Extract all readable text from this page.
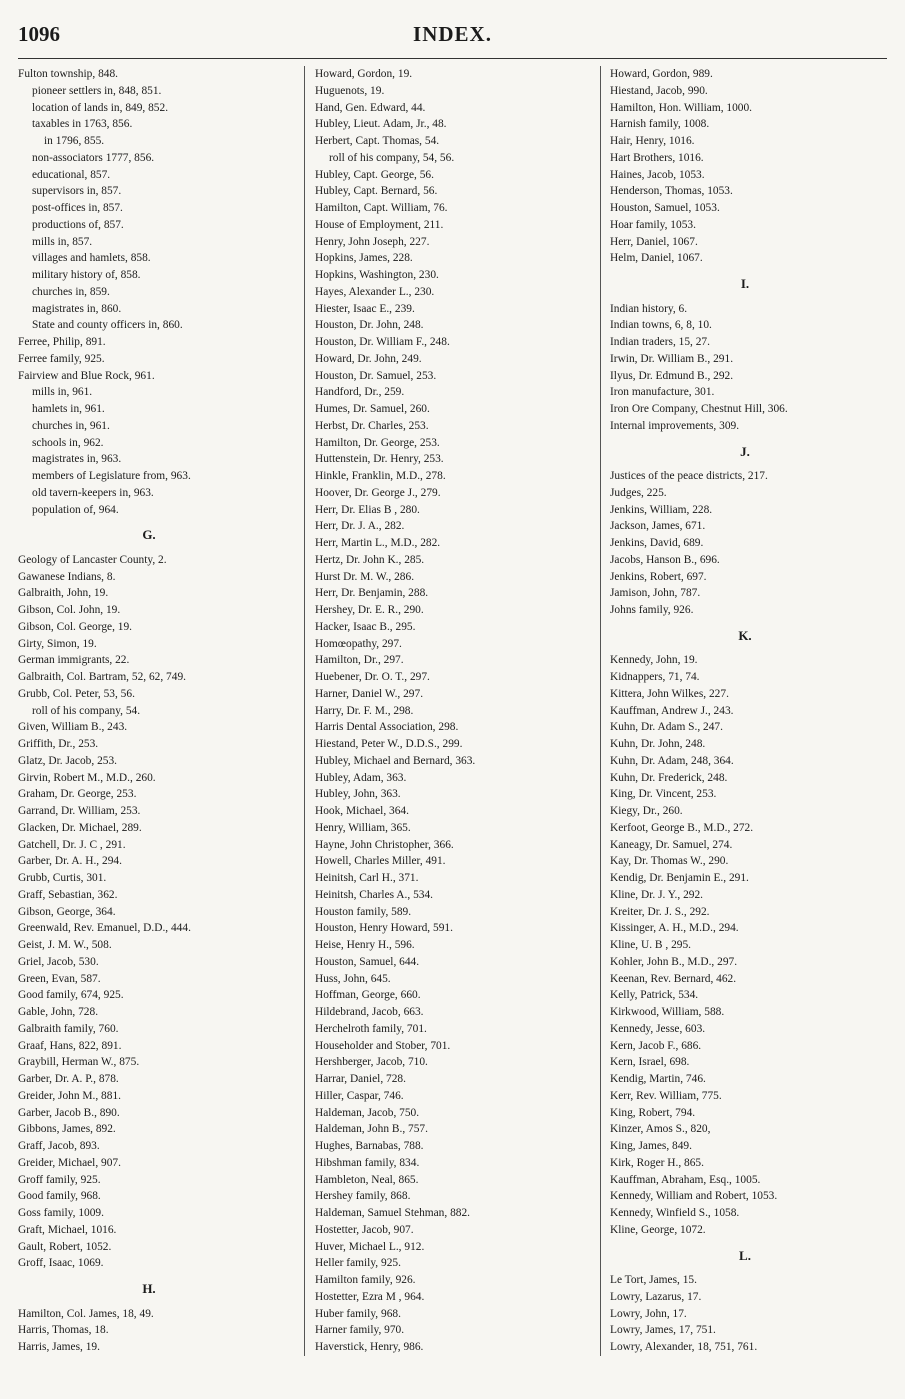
1096	INDEX.
Fulton township, 848.
pioneer settlers in, 848, 851.
location of lands in, 849, 852.
taxables in 1763, 856.
in 1796, 855.
non-associators 1777, 856.
educational, 857.
supervisors in, 857.
post-offices in, 857.
productions of, 857.
mills in, 857.
villages and hamlets, 858.
military history of, 858.
churches in, 859.
magistrates in, 860.
State and county officers in, 860.
Ferree, Philip, 891.
Ferree family, 925.
Fairview and Blue Rock, 961.
mills in, 961.
hamlets in, 961.
churches in, 961.
schools in, 962.
magistrates in, 963.
members of Legislature from, 963.
old tavern-keepers in, 963.
population of, 964.
G.
Geology of Lancaster County, 2.
Gawanese Indians, 8.
Galbraith, John, 19.
Gibson, Col. John, 19.
Gibson, Col. George, 19.
Girty, Simon, 19.
German immigrants, 22.
Galbraith, Col. Bartram, 52, 62, 749.
Grubb, Col. Peter, 53, 56.
roll of his company, 54.
Given, William B., 243.
Griffith, Dr., 253.
Glatz, Dr. Jacob, 253.
Girvin, Robert M., M.D., 260.
Graham, Dr. George, 253.
Garrand, Dr. William, 253.
Glacken, Dr. Michael, 289.
Gatchell, Dr. J. C , 291.
Garber, Dr. A. H., 294.
Grubb, Curtis, 301.
Graff, Sebastian, 362.
Gibson, George, 364.
Greenwald, Rev. Emanuel, D.D., 444.
Geist, J. M. W., 508.
Griel, Jacob, 530.
Green, Evan, 587.
Good family, 674, 925.
Gable, John, 728.
Galbraith family, 760.
Graaf, Hans, 822, 891.
Graybill, Herman W., 875.
Garber, Dr. A. P., 878.
Greider, John M., 881.
Garber, Jacob B., 890.
Gibbons, James, 892.
Graff, Jacob, 893.
Greider, Michael, 907.
Groff family, 925.
Good family, 968.
Goss family, 1009.
Graft, Michael, 1016.
Gault, Robert, 1052.
Groff, Isaac, 1069.
H.
Hamilton, Col. James, 18, 49.
Harris, Thomas, 18.
Harris, James, 19.
Howard, Gordon, 19.
Huguenots, 19.
Hand, Gen. Edward, 44.
Hubley, Lieut. Adam, Jr., 48.
Herbert, Capt. Thomas, 54.
roll of his company, 54, 56.
Hubley, Capt. George, 56.
Hubley, Capt. Bernard, 56.
Hamilton, Capt. William, 76.
House of Employment, 211.
Henry, John Joseph, 227.
Hopkins, James, 228.
Hopkins, Washington, 230.
Hayes, Alexander L., 230.
Hiester, Isaac E., 239.
Houston, Dr. John, 248.
Houston, Dr. William F., 248.
Howard, Dr. John, 249.
Houston, Dr. Samuel, 253.
Handford, Dr., 259.
Humes, Dr. Samuel, 260.
Herbst, Dr. Charles, 253.
Hamilton, Dr. George, 253.
Huttenstein, Dr. Henry, 253.
Hinkle, Franklin, M.D., 278.
Hoover, Dr. George J., 279.
Herr, Dr. Elias B , 280.
Herr, Dr. J. A., 282.
Herr, Martin L., M.D., 282.
Hertz, Dr. John K., 285.
Hurst Dr. M. W., 286.
Herr, Dr. Benjamin, 288.
Hershey, Dr. E. R., 290.
Hacker, Isaac B., 295.
Homœopathy, 297.
Hamilton, Dr., 297.
Huebener, Dr. O. T., 297.
Harner, Daniel W., 297.
Harry, Dr. F. M., 298.
Harris Dental Association, 298.
Hiestand, Peter W., D.D.S., 299.
Hubley, Michael and Bernard, 363.
Hubley, Adam, 363.
Hubley, John, 363.
Hook, Michael, 364.
Henry, William, 365.
Hayne, John Christopher, 366.
Howell, Charles Miller, 491.
Heinitsh, Carl H., 371.
Heinitsh, Charles A., 534.
Houston family, 589.
Houston, Henry Howard, 591.
Heise, Henry H., 596.
Houston, Samuel, 644.
Huss, John, 645.
Hoffman, George, 660.
Hildebrand, Jacob, 663.
Herchelroth family, 701.
Householder and Stober, 701.
Hershberger, Jacob, 710.
Harrar, Daniel, 728.
Hiller, Caspar, 746.
Haldeman, Jacob, 750.
Haldeman, John B., 757.
Hughes, Barnabas, 788.
Hibshman family, 834.
Hambleton, Neal, 865.
Hershey family, 868.
Haldeman, Samuel Stehman, 882.
Hostetter, Jacob, 907.
Huver, Michael L., 912.
Heller family, 925.
Hamilton family, 926.
Hostetter, Ezra M , 964.
Huber family, 968.
Harner family, 970.
Haverstick, Henry, 986.
Howard, Gordon, 989.
Hiestand, Jacob, 990.
Hamilton, Hon. William, 1000.
Harnish family, 1008.
Hair, Henry, 1016.
Hart Brothers, 1016.
Haines, Jacob, 1053.
Henderson, Thomas, 1053.
Houston, Samuel, 1053.
Hoar family, 1053.
Herr, Daniel, 1067.
Helm, Daniel, 1067.
I.
Indian history, 6.
Indian towns, 6, 8, 10.
Indian traders, 15, 27.
Irwin, Dr. William B., 291.
Ilyus, Dr. Edmund B., 292.
Iron manufacture, 301.
Iron Ore Company, Chestnut Hill, 306.
Internal improvements, 309.
J.
Justices of the peace districts, 217.
Judges, 225.
Jenkins, William, 228.
Jackson, James, 671.
Jenkins, David, 689.
Jacobs, Hanson B., 696.
Jenkins, Robert, 697.
Jamison, John, 787.
Johns family, 926.
K.
Kennedy, John, 19.
Kidnappers, 71, 74.
Kittera, John Wilkes, 227.
Kauffman, Andrew J., 243.
Kuhn, Dr. Adam S., 247.
Kuhn, Dr. John, 248.
Kuhn, Dr. Adam, 248, 364.
Kuhn, Dr. Frederick, 248.
King, Dr. Vincent, 253.
Kiegy, Dr., 260.
Kerfoot, George B., M.D., 272.
Kaneagy, Dr. Samuel, 274.
Kay, Dr. Thomas W., 290.
Kendig, Dr. Benjamin E., 291.
Kline, Dr. J. Y., 292.
Kreiter, Dr. J. S., 292.
Kissinger, A. H., M.D., 294.
Kline, U. B , 295.
Kohler, John B., M.D., 297.
Keenan, Rev. Bernard, 462.
Kelly, Patrick, 534.
Kirkwood, William, 588.
Kennedy, Jesse, 603.
Kern, Jacob F., 686.
Kern, Israel, 698.
Kendig, Martin, 746.
Kerr, Rev. William, 775.
King, Robert, 794.
Kinzer, Amos S., 820,
King, James, 849.
Kirk, Roger H., 865.
Kauffman, Abraham, Esq., 1005.
Kennedy, William and Robert, 1053.
Kennedy, Winfield S., 1058.
Kline, George, 1072.
L.
Le Tort, James, 15.
Lowry, Lazarus, 17.
Lowry, John, 17.
Lowry, James, 17, 751.
Lowry, Alexander, 18, 751, 761.
